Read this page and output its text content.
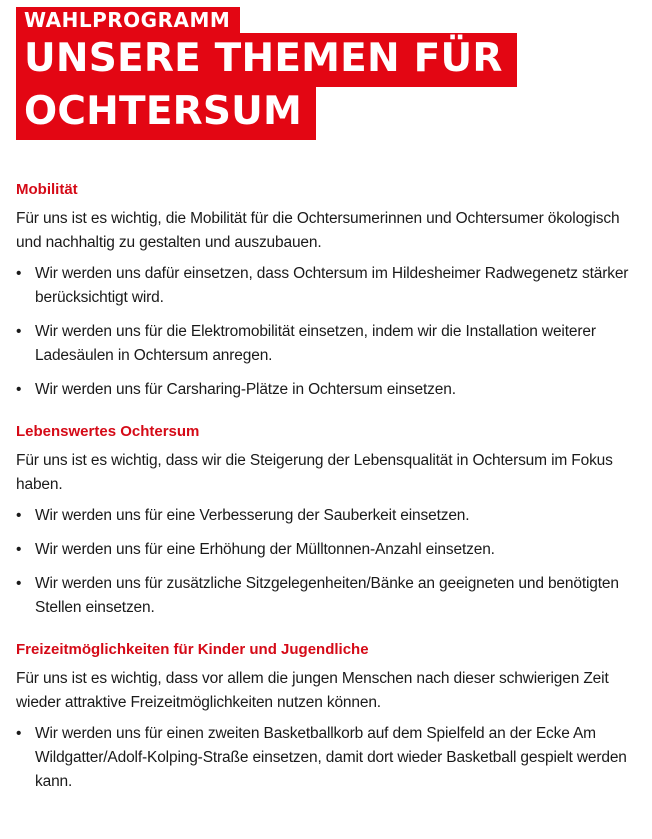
WAHLPROGRAMM
UNSERE THEMEN FÜR
OCHTERSUM
Mobilität

Für uns ist es wichtig, die Mobilität für die Ochtersumerinnen und Ochtersumer ökologisch und nachhaltig zu gestalten und auszubauen.

• Wir werden uns dafür einsetzen, dass Ochtersum im Hildesheimer Radwegenetz stärker berücksichtigt wird.
• Wir werden uns für die Elektromobilität einsetzen, indem wir die Installation weiterer Ladesäulen in Ochtersum anregen.
• Wir werden uns für Carsharing-Plätze in Ochtersum einsetzen.
Lebenswertes Ochtersum

Für uns ist es wichtig, dass wir die Steigerung der Lebensqualität in Ochtersum im Fokus haben.

• Wir werden uns für eine Verbesserung der Sauberkeit einsetzen.
• Wir werden uns für eine Erhöhung der Mülltonnen-Anzahl einsetzen.
• Wir werden uns für zusätzliche Sitzgelegenheiten/Bänke an geeigneten und benötigten Stellen einsetzen.
Freizeitmöglichkeiten für Kinder und Jugendliche

Für uns ist es wichtig, dass vor allem die jungen Menschen nach dieser schwierigen Zeit wieder attraktive Freizeitmöglichkeiten nutzen können.

• Wir werden uns für einen zweiten Basketballkorb auf dem Spielfeld an der Ecke Am Wildgatter/Adolf-Kolping-Straße einsetzen, damit dort wieder Basketball gespielt werden kann.
